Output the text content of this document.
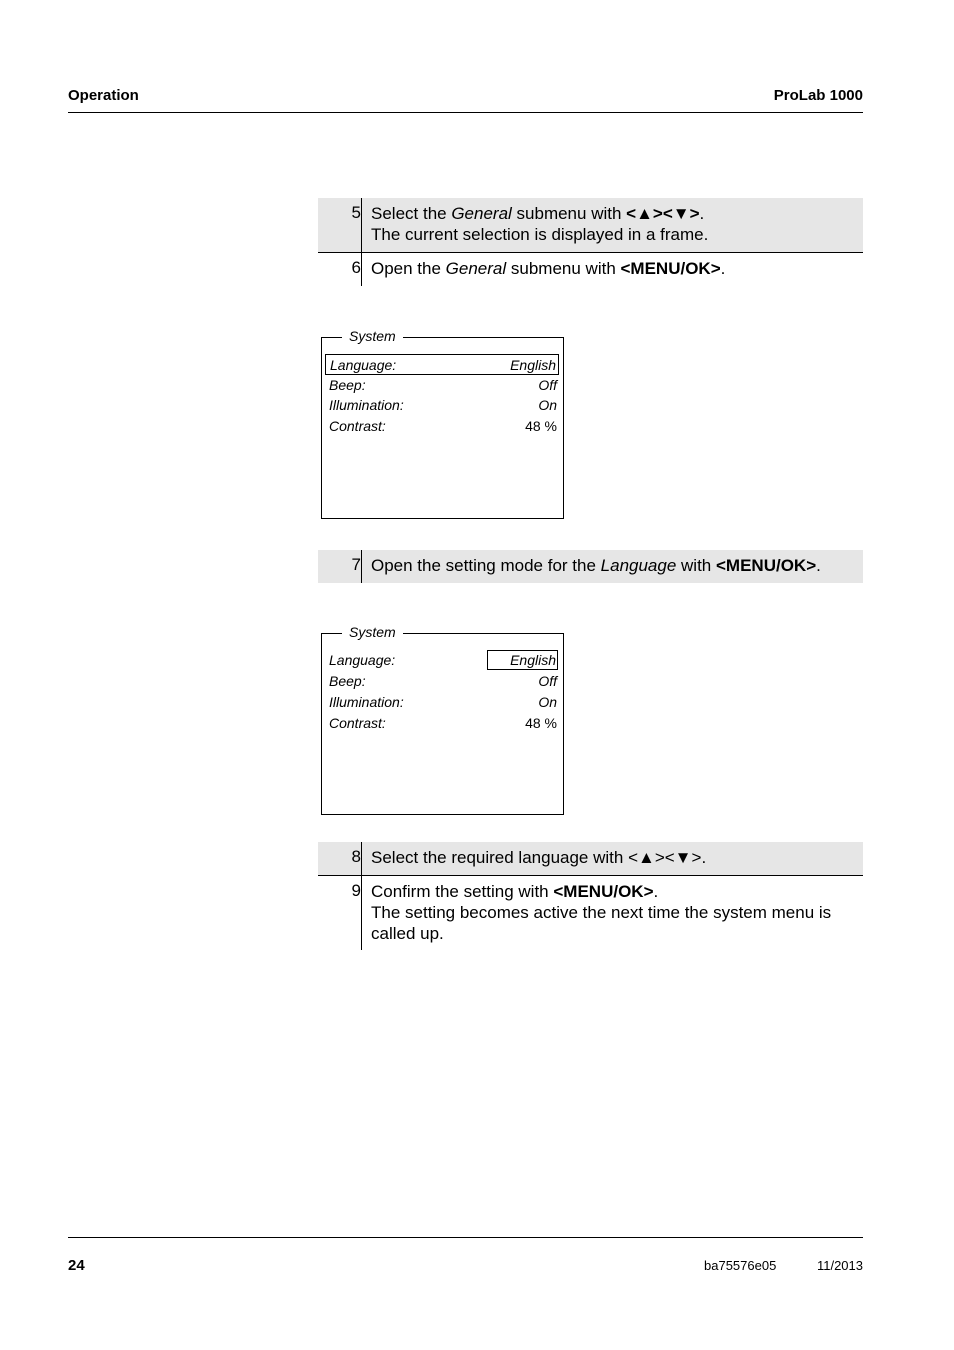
Operation	ProLab 1000
5 Select the General submenu with <▲><▼>.
The current selection is displayed in a frame.
6 Open the General submenu with <MENU/OK>.
System
Language:	English
Beep:	Off
Illumination:	On
Contrast:	48 %
7 Open the setting mode for the Language with <MENU/OK>.
System
Language:	English
Beep:	Off
Illumination:	On
Contrast:	48 %
8 Select the required language with <▲><▼>.
9 Confirm the setting with <MENU/OK>.
The setting becomes active the next time the system menu is called up.
24	ba75576e05	11/2013
